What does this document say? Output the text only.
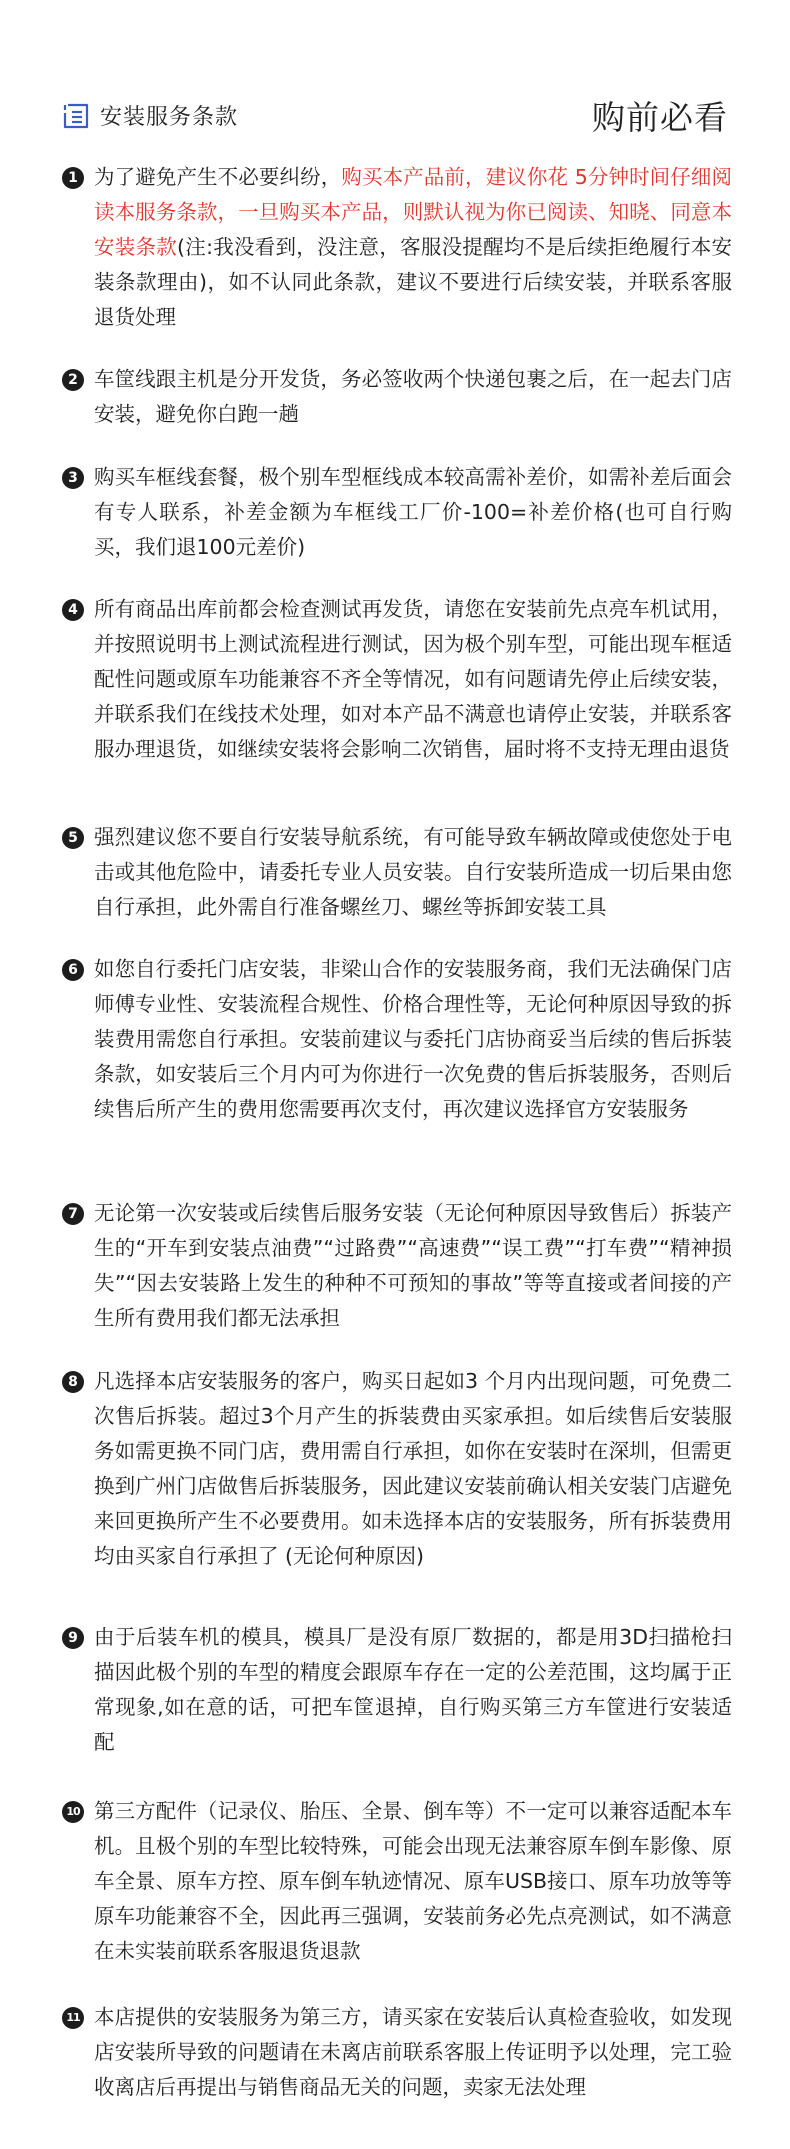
安装服务条款	购前必看
1 为了避免产生不必要纠纷，购买本产品前，建议你花 5分钟时间仔细阅读本服务条款，一旦购买本产品，则默认视为你已阅读、知晓、同意本安装条款(注:我没看到，没注意，客服没提醒均不是后续拒绝履行本安装条款理由)，如不认同此条款，建议不要进行后续安装，并联系客服退货处理
2 车筐线跟主机是分开发货，务必签收两个快递包裹之后，在一起去门店安装，避免你白跑一趟
3 购买车框线套餐，极个别车型框线成本较高需补差价，如需补差后面会有专人联系，补差金额为车框线工厂价-100=补差价格(也可自行购买，我们退100元差价)
4 所有商品出库前都会检查测试再发货，请您在安装前先点亮车机试用，并按照说明书上测试流程进行测试，因为极个别车型，可能出现车框适配性问题或原车功能兼容不齐全等情况，如有问题请先停止后续安装，并联系我们在线技术处理，如对本产品不满意也请停止安装，并联系客服办理退货，如继续安装将会影响二次销售，届时将不支持无理由退货
5 强烈建议您不要自行安装导航系统，有可能导致车辆故障或使您处于电击或其他危险中，请委托专业人员安装。自行安装所造成一切后果由您自行承担，此外需自行准备螺丝刀、螺丝等拆卸安装工具
6 如您自行委托门店安装，非梁山合作的安装服务商，我们无法确保门店师傅专业性、安装流程合规性、价格合理性等，无论何种原因导致的拆装费用需您自行承担。安装前建议与委托门店协商妥当后续的售后拆装条款，如安装后三个月内可为你进行一次免费的售后拆装服务，否则后续售后所产生的费用您需要再次支付，再次建议选择官方安装服务
7 无论第一次安装或后续售后服务安装（无论何种原因导致售后）拆装产生的“开车到安装点油费”“过路费”“高速费”“误工费”“打车费”“精神损失”“因去安装路上发生的种种不可预知的事故”等等直接或者间接的产生所有费用我们都无法承担
8 凡选择本店安装服务的客户，购买日起如3 个月内出现问题，可免费二次售后拆装。超过3个月产生的拆装费由买家承担。如后续售后安装服务如需更换不同门店，费用需自行承担，如你在安装时在深圳，但需更换到广州门店做售后拆装服务，因此建议安装前确认相关安装门店避免来回更换所产生不必要费用。如未选择本店的安装服务，所有拆装费用均由买家自行承担了 (无论何种原因)
9 由于后装车机的模具，模具厂是没有原厂数据的，都是用3D扫描枪扫描因此极个别的车型的精度会跟原车存在一定的公差范围，这均属于正常现象,如在意的话，可把车筐退掉，自行购买第三方车筐进行安装适配
10 第三方配件（记录仪、胎压、全景、倒车等）不一定可以兼容适配本车机。且极个别的车型比较特殊，可能会出现无法兼容原车倒车影像、原车全景、原车方控、原车倒车轨迹情况、原车USB接口、原车功放等等原车功能兼容不全，因此再三强调，安装前务必先点亮测试，如不满意在未实装前联系客服退货退款
11 本店提供的安装服务为第三方，请买家在安装后认真检查验收，如发现店安装所导致的问题请在未离店前联系客服上传证明予以处理，完工验收离店后再提出与销售商品无关的问题，卖家无法处理
